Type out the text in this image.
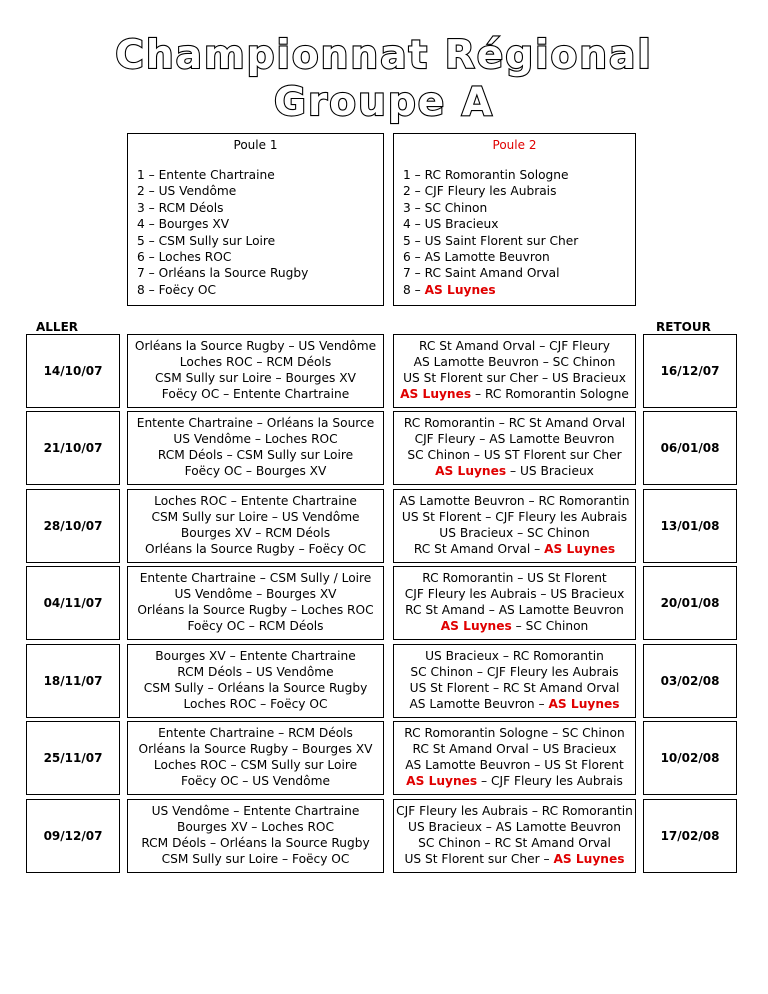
Championnat Régional
Groupe A
Poule 1
1 – Entente Chartraine
2 – US Vendôme
3 – RCM Déols
4 – Bourges XV
5 – CSM Sully sur Loire
6 – Loches ROC
7 – Orléans la Source Rugby
8 – Foëcy OC
Poule 2
1 – RC Romorantin Sologne
2 – CJF Fleury les Aubrais
3 – SC Chinon
4 – US Bracieux
5 – US Saint Florent sur Cher
6 – AS Lamotte Beuvron
7 – RC Saint Amand Orval
8 – AS Luynes
ALLER	RETOUR
14/10/07
Orléans la Source Rugby – US Vendôme
Loches ROC – RCM Déols
CSM Sully sur Loire – Bourges XV
Foëcy OC – Entente Chartraine
RC St Amand Orval – CJF Fleury
AS Lamotte Beuvron – SC Chinon
US St Florent sur Cher – US Bracieux
AS Luynes – RC Romorantin Sologne
16/12/07
21/10/07
Entente Chartraine – Orléans la Source
US Vendôme – Loches ROC
RCM Déols – CSM Sully sur Loire
Foëcy OC – Bourges XV
RC Romorantin – RC St Amand Orval
CJF Fleury – AS Lamotte Beuvron
SC Chinon – US ST Florent sur Cher
AS Luynes – US Bracieux
06/01/08
28/10/07
Loches ROC – Entente Chartraine
CSM Sully sur Loire – US Vendôme
Bourges XV – RCM Déols
Orléans la Source Rugby – Foëcy OC
AS Lamotte Beuvron – RC Romorantin
US St Florent – CJF Fleury les Aubrais
US Bracieux – SC Chinon
RC St Amand Orval – AS Luynes
13/01/08
04/11/07
Entente Chartraine – CSM Sully / Loire
US Vendôme – Bourges XV
Orléans la Source Rugby – Loches ROC
Foëcy OC – RCM Déols
RC Romorantin – US St Florent
CJF Fleury les Aubrais – US Bracieux
RC St Amand – AS Lamotte Beuvron
AS Luynes – SC Chinon
20/01/08
18/11/07
Bourges XV – Entente Chartraine
RCM Déols – US Vendôme
CSM Sully – Orléans la Source Rugby
Loches ROC – Foëcy OC
US Bracieux – RC Romorantin
SC Chinon – CJF Fleury les Aubrais
US St Florent – RC St Amand Orval
AS Lamotte Beuvron – AS Luynes
03/02/08
25/11/07
Entente Chartraine – RCM Déols
Orléans la Source Rugby – Bourges XV
Loches ROC – CSM Sully sur Loire
Foëcy OC – US Vendôme
RC Romorantin Sologne – SC Chinon
RC St Amand Orval – US Bracieux
AS Lamotte Beuvron – US St Florent
AS Luynes – CJF Fleury les Aubrais
10/02/08
09/12/07
US Vendôme – Entente Chartraine
Bourges XV – Loches ROC
RCM Déols – Orléans la Source Rugby
CSM Sully sur Loire – Foëcy OC
CJF Fleury les Aubrais – RC Romorantin
US Bracieux – AS Lamotte Beuvron
SC Chinon – RC St Amand Orval
US St Florent sur Cher – AS Luynes
17/02/08
